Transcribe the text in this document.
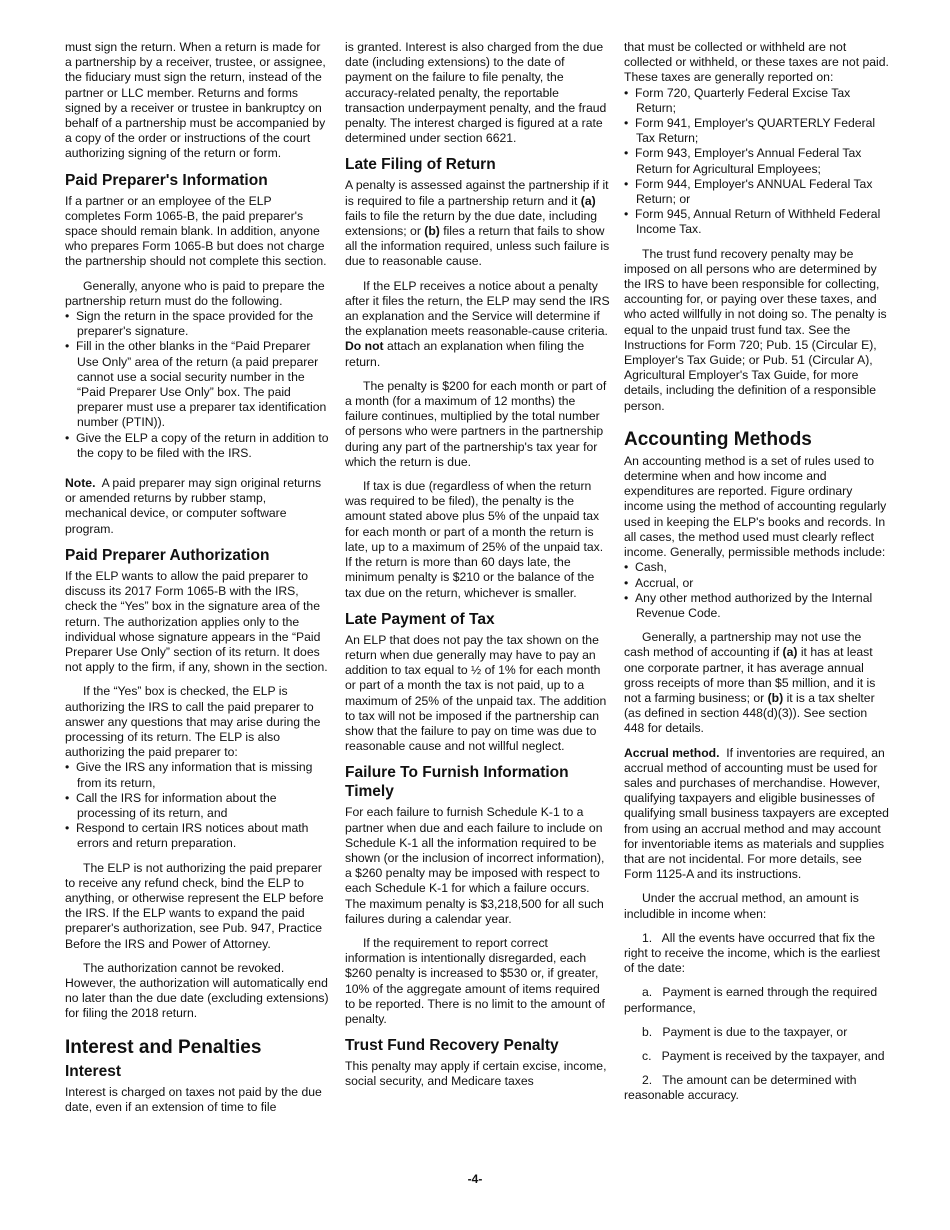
must sign the return. When a return is made for a partnership by a receiver, trustee, or assignee, the fiduciary must sign the return, instead of the partner or LLC member. Returns and forms signed by a receiver or trustee in bankruptcy on behalf of a partnership must be accompanied by a copy of the order or instructions of the court authorizing signing of the return or form.

Paid Preparer's Information

If a partner or an employee of the ELP completes Form 1065-B, the paid preparer's space should remain blank. In addition, anyone who prepares Form 1065-B but does not charge the partnership should not complete this section.

Generally, anyone who is paid to prepare the partnership return must do the following.

•  Sign the return in the space provided for the preparer's signature.

•  Fill in the other blanks in the “Paid Preparer Use Only” area of the return (a paid preparer cannot use a social security number in the “Paid Preparer Use Only” box. The paid preparer must use a preparer tax identification number (PTIN)).

•  Give the ELP a copy of the return in addition to the copy to be filed with the IRS.

Note. A paid preparer may sign original returns or amended returns by rubber stamp, mechanical device, or computer software program.

Paid Preparer Authorization

If the ELP wants to allow the paid preparer to discuss its 2017 Form 1065-B with the IRS, check the “Yes” box in the signature area of the return. The authorization applies only to the individual whose signature appears in the “Paid Preparer Use Only” section of its return. It does not apply to the firm, if any, shown in the section.

If the “Yes” box is checked, the ELP is authorizing the IRS to call the paid preparer to answer any questions that may arise during the processing of its return. The ELP is also authorizing the paid preparer to:

•  Give the IRS any information that is missing from its return,

•  Call the IRS for information about the processing of its return, and

•  Respond to certain IRS notices about math errors and return preparation.

The ELP is not authorizing the paid preparer to receive any refund check, bind the ELP to anything, or otherwise represent the ELP before the IRS. If the ELP wants to expand the paid preparer's authorization, see Pub. 947, Practice Before the IRS and Power of Attorney.

The authorization cannot be revoked. However, the authorization will automatically end no later than the due date (excluding extensions) for filing the 2018 return.

Interest and Penalties
Interest

Interest is charged on taxes not paid by the due date, even if an extension of time to file

is granted. Interest is also charged from the due date (including extensions) to the date of payment on the failure to file penalty, the accuracy-related penalty, the reportable transaction underpayment penalty, and the fraud penalty. The interest charged is figured at a rate determined under section 6621.

Late Filing of Return

A penalty is assessed against the partnership if it is required to file a partnership return and it (a) fails to file the return by the due date, including extensions; or (b) files a return that fails to show all the information required, unless such failure is due to reasonable cause.

If the ELP receives a notice about a penalty after it files the return, the ELP may send the IRS an explanation and the Service will determine if the explanation meets reasonable-cause criteria. Do not attach an explanation when filing the return.

The penalty is $200 for each month or part of a month (for a maximum of 12 months) the failure continues, multiplied by the total number of persons who were partners in the partnership during any part of the partnership's tax year for which the return is due.

If tax is due (regardless of when the return was required to be filed), the penalty is the amount stated above plus 5% of the unpaid tax for each month or part of a month the return is late, up to a maximum of 25% of the unpaid tax. If the return is more than 60 days late, the minimum penalty is $210 or the balance of the tax due on the return, whichever is smaller.

Late Payment of Tax

An ELP that does not pay the tax shown on the return when due generally may have to pay an addition to tax equal to ½ of 1% for each month or part of a month the tax is not paid, up to a maximum of 25% of the unpaid tax. The addition to tax will not be imposed if the partnership can show that the failure to pay on time was due to reasonable cause and not willful neglect.

Failure To Furnish Information Timely

For each failure to furnish Schedule K-1 to a partner when due and each failure to include on Schedule K-1 all the information required to be shown (or the inclusion of incorrect information), a $260 penalty may be imposed with respect to each Schedule K-1 for which a failure occurs. The maximum penalty is $3,218,500 for all such failures during a calendar year.

If the requirement to report correct information is intentionally disregarded, each $260 penalty is increased to $530 or, if greater, 10% of the aggregate amount of items required to be reported. There is no limit to the amount of penalty.

Trust Fund Recovery Penalty

This penalty may apply if certain excise, income, social security, and Medicare taxes

that must be collected or withheld are not collected or withheld, or these taxes are not paid. These taxes are generally reported on:

•  Form 720, Quarterly Federal Excise Tax Return;

•  Form 941, Employer's QUARTERLY Federal Tax Return;

•  Form 943, Employer's Annual Federal Tax Return for Agricultural Employees;

•  Form 944, Employer's ANNUAL Federal Tax Return; or

•  Form 945, Annual Return of Withheld Federal Income Tax.

The trust fund recovery penalty may be imposed on all persons who are determined by the IRS to have been responsible for collecting, accounting for, or paying over these taxes, and who acted willfully in not doing so. The penalty is equal to the unpaid trust fund tax. See the Instructions for Form 720; Pub. 15 (Circular E), Employer's Tax Guide; or Pub. 51 (Circular A), Agricultural Employer's Tax Guide, for more details, including the definition of a responsible person.

Accounting Methods

An accounting method is a set of rules used to determine when and how income and expenditures are reported. Figure ordinary income using the method of accounting regularly used in keeping the ELP's books and records. In all cases, the method used must clearly reflect income. Generally, permissible methods include:

•  Cash,

•  Accrual, or

•  Any other method authorized by the Internal Revenue Code.

Generally, a partnership may not use the cash method of accounting if (a) it has at least one corporate partner, it has average annual gross receipts of more than $5 million, and it is not a farming business; or (b) it is a tax shelter (as defined in section 448(d)(3)). See section 448 for details.

Accrual method. If inventories are required, an accrual method of accounting must be used for sales and purchases of merchandise. However, qualifying taxpayers and eligible businesses of qualifying small business taxpayers are excepted from using an accrual method and may account for inventoriable items as materials and supplies that are not incidental. For more details, see Form 1125-A and its instructions.

Under the accrual method, an amount is includible in income when:

1.   All the events have occurred that fix the right to receive the income, which is the earliest of the date:

a.   Payment is earned through the required performance,

b.   Payment is due to the taxpayer, or

c.   Payment is received by the taxpayer, and

2.   The amount can be determined with reasonable accuracy.

-4-
